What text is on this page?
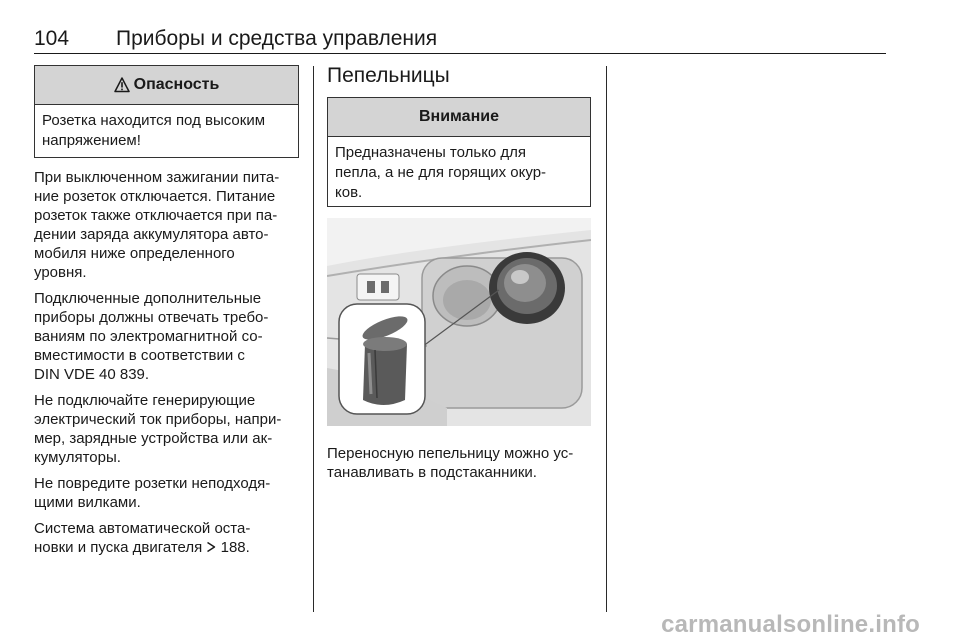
104 Приборы и средства управления
Опасность
Розетка находится под высоким
напряжением!

При выключенном зажигании пита-
ние розеток отключается. Питание
розеток также отключается при па-
дении заряда аккумулятора авто-
мобиля ниже определенного
уровня.

Подключенные дополнительные
приборы должны отвечать требо-
ваниям по электромагнитной со-
вместимости в соответствии с
DIN VDE 40 839.

Не подключайте генерирующие
электрический ток приборы, напри-
мер, зарядные устройства или ак-
кумуляторы.

Не повредите розетки неподходя-
щими вилками.

Система автоматической оста-
новки и пуска двигателя 188.

Пепельницы
Внимание
Предназначены только для
пепла, а не для горящих окур-
ков.
Переносную пепельницу можно ус-
танавливать в подстаканники.
carmanualsonline.info
